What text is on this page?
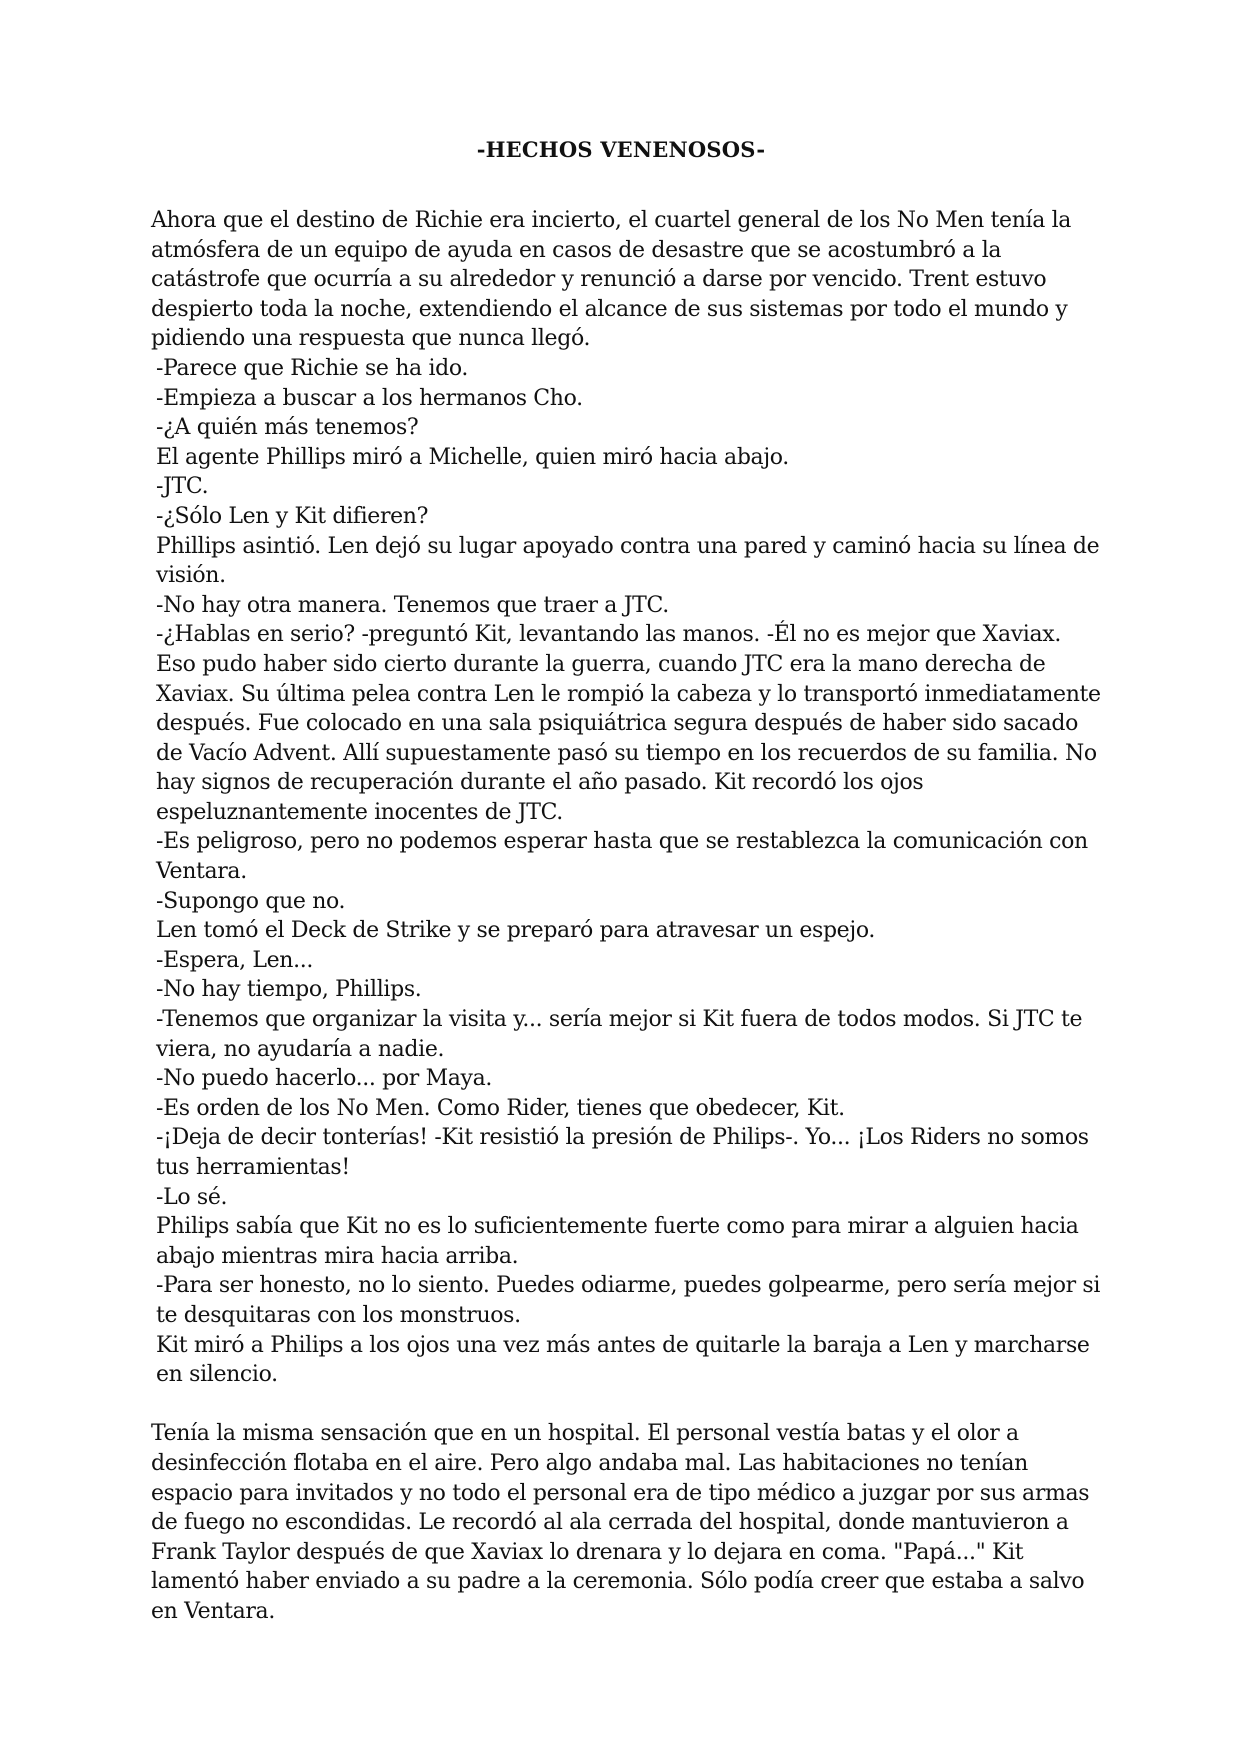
-HECHOS VENENOSOS-

Ahora que el destino de Richie era incierto, el cuartel general de los No Men tenía la atmósfera de un equipo de ayuda en casos de desastre que se acostumbró a la catástrofe que ocurría a su alrededor y renunció a darse por vencido. Trent estuvo despierto toda la noche, extendiendo el alcance de sus sistemas por todo el mundo y pidiendo una respuesta que nunca llegó.

-Parece que Richie se ha ido.

-Empieza a buscar a los hermanos Cho.

-¿A quién más tenemos?

El agente Phillips miró a Michelle, quien miró hacia abajo.

-JTC.

-¿Sólo Len y Kit difieren?

Phillips asintió. Len dejó su lugar apoyado contra una pared y caminó hacia su línea de visión.

-No hay otra manera. Tenemos que traer a JTC.

-¿Hablas en serio? -preguntó Kit, levantando las manos. -Él no es mejor que Xaviax.

Eso pudo haber sido cierto durante la guerra, cuando JTC era la mano derecha de Xaviax. Su última pelea contra Len le rompió la cabeza y lo transportó inmediatamente después. Fue colocado en una sala psiquiátrica segura después de haber sido sacado de Vacío Advent. Allí supuestamente pasó su tiempo en los recuerdos de su familia. No hay signos de recuperación durante el año pasado. Kit recordó los ojos espeluznantemente inocentes de JTC.

-Es peligroso, pero no podemos esperar hasta que se restablezca la comunicación con Ventara.

-Supongo que no.

Len tomó el Deck de Strike y se preparó para atravesar un espejo.

-Espera, Len...

-No hay tiempo, Phillips.

-Tenemos que organizar la visita y... sería mejor si Kit fuera de todos modos. Si JTC te viera, no ayudaría a nadie.

-No puedo hacerlo... por Maya.

-Es orden de los No Men. Como Rider, tienes que obedecer, Kit.

-¡Deja de decir tonterías! -Kit resistió la presión de Philips-. Yo... ¡Los Riders no somos tus herramientas!

-Lo sé.

Philips sabía que Kit no es lo suficientemente fuerte como para mirar a alguien hacia abajo mientras mira hacia arriba.

-Para ser honesto, no lo siento. Puedes odiarme, puedes golpearme, pero sería mejor si te desquitaras con los monstruos.

Kit miró a Philips a los ojos una vez más antes de quitarle la baraja a Len y marcharse en silencio.

Tenía la misma sensación que en un hospital. El personal vestía batas y el olor a desinfección flotaba en el aire. Pero algo andaba mal. Las habitaciones no tenían espacio para invitados y no todo el personal era de tipo médico a juzgar por sus armas de fuego no escondidas. Le recordó al ala cerrada del hospital, donde mantuvieron a Frank Taylor después de que Xaviax lo drenara y lo dejara en coma. "Papá..." Kit lamentó haber enviado a su padre a la ceremonia. Sólo podía creer que estaba a salvo en Ventara.
